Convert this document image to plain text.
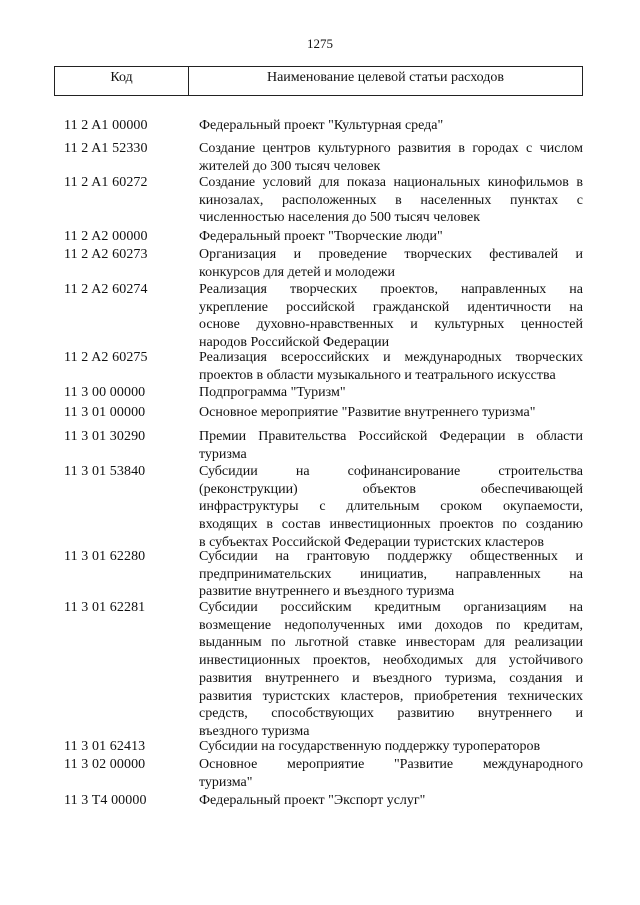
1275
Код	Наименование целевой статьи расходов
11 2 A1 00000	Федеральный проект "Культурная среда"
11 2 A1 52330	Создание центров культурного развития в городах с числом
жителей до 300 тысяч человек
11 2 A1 60272	Создание условий для показа национальных кинофильмов в
кинозалах, расположенных в населенных пунктах с
численностью населения до 500 тысяч человек
11 2 A2 00000	Федеральный проект "Творческие люди"
11 2 A2 60273	Организация и проведение творческих фестивалей и
конкурсов для детей и молодежи
11 2 A2 60274	Реализация творческих проектов, направленных на
укрепление российской гражданской идентичности на
основе духовно-нравственных и культурных ценностей
народов Российской Федерации
11 2 A2 60275	Реализация всероссийских и международных творческих
проектов в области музыкального и театрального искусства
11 3 00 00000	Подпрограмма "Туризм"
11 3 01 00000	Основное мероприятие "Развитие внутреннего туризма"
11 3 01 30290	Премии Правительства Российской Федерации в области
туризма
11 3 01 53840	Субсидии на софинансирование строительства
(реконструкции) объектов обеспечивающей
инфраструктуры с длительным сроком окупаемости,
входящих в состав инвестиционных проектов по созданию
в субъектах Российской Федерации туристских кластеров
11 3 01 62280	Субсидии на грантовую поддержку общественных и
предпринимательских инициатив, направленных на
развитие внутреннего и въездного туризма
11 3 01 62281	Субсидии российским кредитным организациям на
возмещение недополученных ими доходов по кредитам,
выданным по льготной ставке инвесторам для реализации
инвестиционных проектов, необходимых для устойчивого
развития внутреннего и въездного туризма, создания и
развития туристских кластеров, приобретения технических
средств, способствующих развитию внутреннего и
въездного туризма
11 3 01 62413	Субсидии на государственную поддержку туроператоров
11 3 02 00000	Основное мероприятие "Развитие международного
туризма"
11 3 T4 00000	Федеральный проект "Экспорт услуг"
